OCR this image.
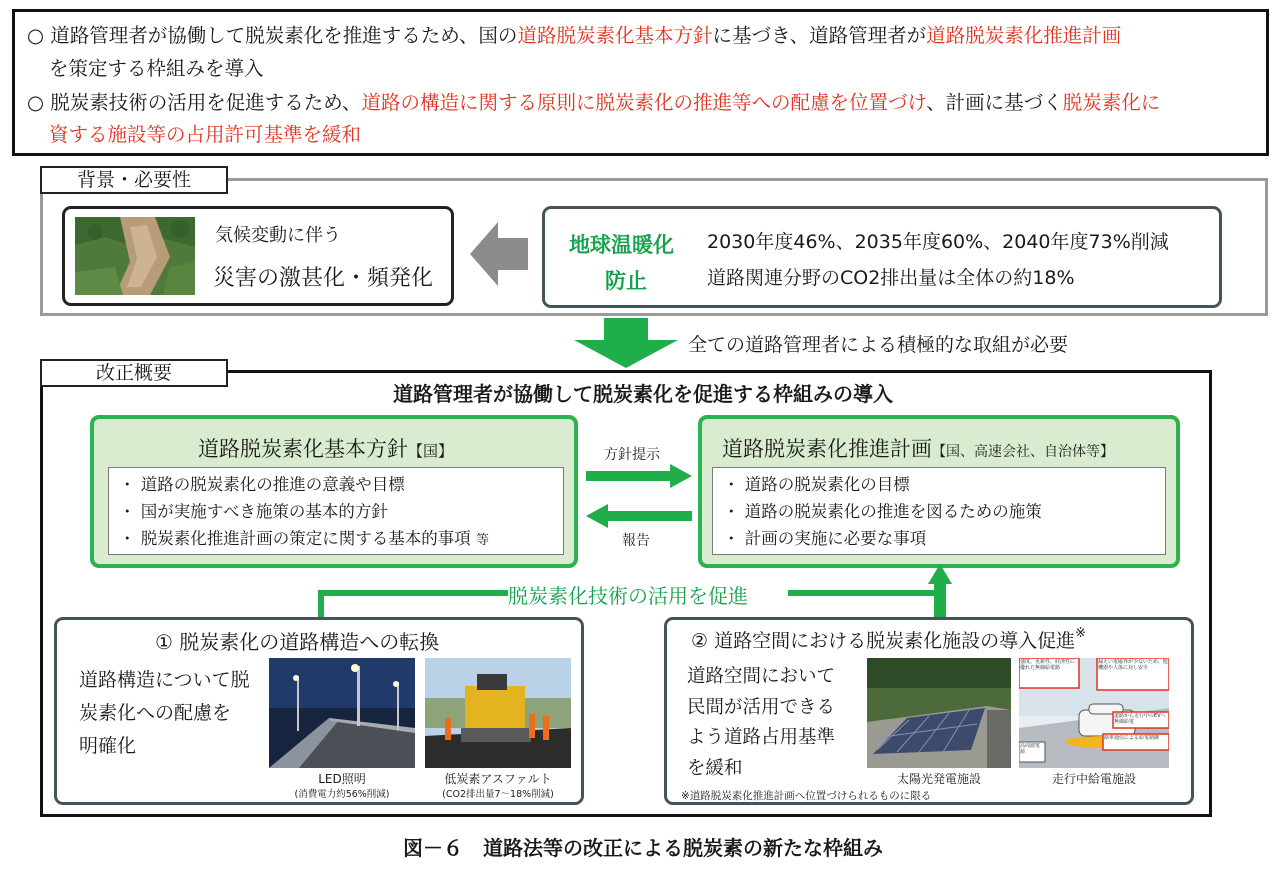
○ 道路管理者が協働して脱炭素化を推進するため、国の道路脱炭素化基本方針に基づき、道路管理者が道路脱炭素化推進計画
を策定する枠組みを導入
○ 脱炭素技術の活用を促進するため、道路の構造に関する原則に脱炭素化の推進等への配慮を位置づけ、計画に基づく脱炭素化に
資する施設等の占用許可基準を緩和
背景・必要性
気候変動に伴う
災害の激甚化・頻発化
地球温暖化
防止
2030年度46%、2035年度60%、2040年度73%削減
道路関連分野のCO2排出量は全体の約18%
全ての道路管理者による積極的な取組が必要
改正概要
道路管理者が協働して脱炭素化を促進する枠組みの導入
道路脱炭素化基本方針【国】
・ 道路の脱炭素化の推進の意義や目標
・ 国が実施すべき施策の基本的方針
・ 脱炭素化推進計画の策定に関する基本的事項 等
方針提示
報告
道路脱炭素化推進計画【国、高速会社、自治体等】
・ 道路の脱炭素化の目標
・ 道路の脱炭素化の推進を図るための施策
・ 計画の実施に必要な事項
脱炭素化技術の活用を促進
① 脱炭素化の道路構造への転換
道路構造について脱
炭素化への配慮を
明確化
LED照明
(消費電力約56%削減)
低炭素アスファルト
(CO2排出量7～18%削減)
② 道路空間における脱炭素化施設の導入促進※
道路空間において
民間が活用できる
よう道路占用基準
を緩和
太陽光発電施設
強度、更新性、経済性に優れた無線給電路
漏えい電磁界が少ないため、他機器や人体に対し安全
道路から走行中のEVへ無線給電
路車通信による給電制御
高周波電源
走行中給電施設
※道路脱炭素化推進計画へ位置づけられるものに限る
図－６　道路法等の改正による脱炭素の新たな枠組み
